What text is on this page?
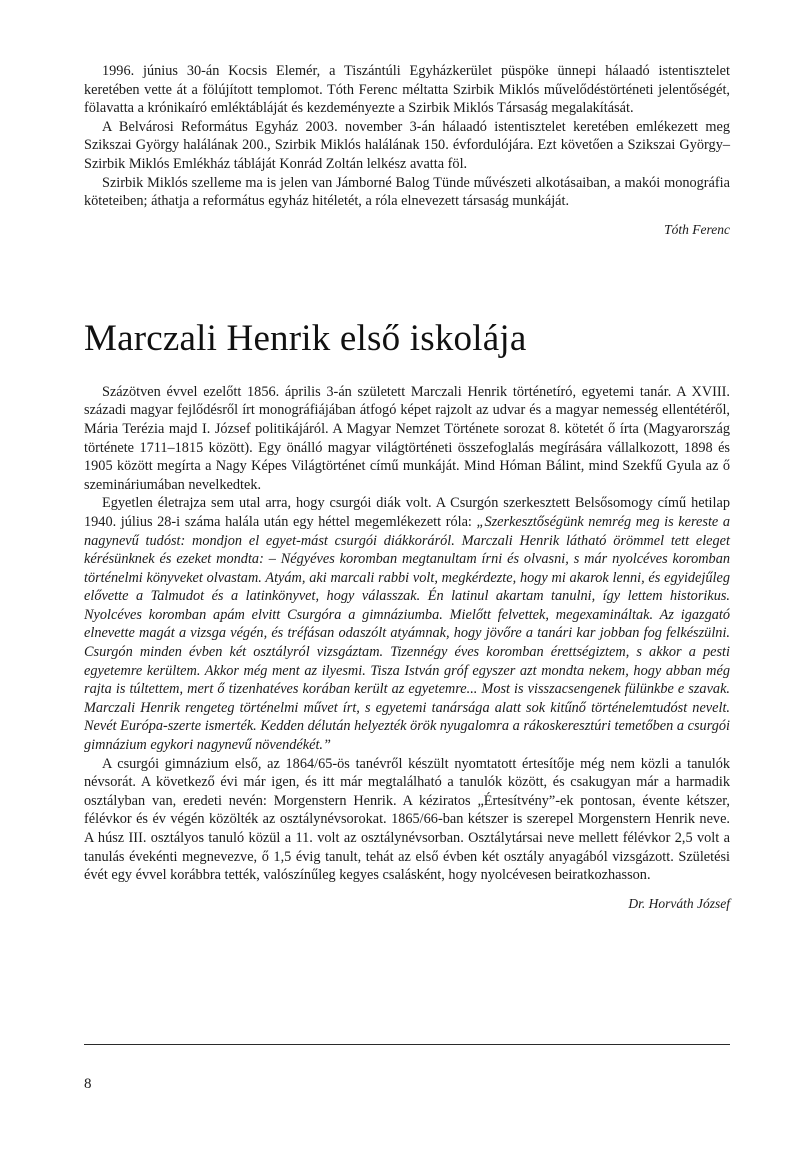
1996. június 30-án Kocsis Elemér, a Tiszántúli Egyházkerület püspöke ünnepi hálaadó istentisztelet keretében vette át a fölújított templomot. Tóth Ferenc méltatta Szirbik Miklós művelődéstörténeti jelentőségét, fölavatta a krónikaíró emléktábláját és kezdeményezte a Szirbik Miklós Társaság megalakítását.

A Belvárosi Református Egyház 2003. november 3-án hálaadó istentisztelet keretében emlékezett meg Szikszai György halálának 200., Szirbik Miklós halálának 150. évfordulójára. Ezt követően a Szikszai György–Szirbik Miklós Emlékház tábláját Konrád Zoltán lelkész avatta föl.

Szirbik Miklós szelleme ma is jelen van Jámborné Balog Tünde művészeti alkotásaiban, a makói monográfia köteteiben; áthatja a református egyház hitéletét, a róla elnevezett társaság munkáját.

Tóth Ferenc

Marczali Henrik első iskolája

Százötven évvel ezelőtt 1856. április 3-án született Marczali Henrik történetíró, egyetemi tanár. A XVIII. századi magyar fejlődésről írt monográfiájában átfogó képet rajzolt az udvar és a magyar nemesség ellentétéről, Mária Terézia majd I. József politikájáról. A Magyar Nemzet Története sorozat 8. kötetét ő írta (Magyarország története 1711–1815 között). Egy önálló magyar világtörténeti összefoglalás megírására vállalkozott, 1898 és 1905 között megírta a Nagy Képes Világtörténet című munkáját. Mind Hóman Bálint, mind Szekfű Gyula az ő szemináriumában nevelkedtek.

Egyetlen életrajza sem utal arra, hogy csurgói diák volt. A Csurgón szerkesztett Belsősomogy című hetilap 1940. július 28-i száma halála után egy héttel megemlékezett róla: „Szerkesztőségünk nemrég meg is kereste a nagynevű tudóst: mondjon el egyet-mást csurgói diákkoráról. Marczali Henrik látható örömmel tett eleget kérésünknek és ezeket mondta: – Négyéves koromban megtanultam írni és olvasni, s már nyolcéves koromban történelmi könyveket olvastam. Atyám, aki marcali rabbi volt, megkérdezte, hogy mi akarok lenni, és egyidejűleg elővette a Talmudot és a latinkönyvet, hogy válasszak. Én latinul akartam tanulni, így lettem historikus. Nyolcéves koromban apám elvitt Csurgóra a gimnáziumba. Mielőtt felvettek, megexamináltak. Az igazgató elnevette magát a vizsga végén, és tréfásan odaszólt atyámnak, hogy jövőre a tanári kar jobban fog felkészülni. Csurgón minden évben két osztályról vizsgáztam. Tizennégy éves koromban érettségiztem, s akkor a pesti egyetemre kerültem. Akkor még ment az ilyesmi. Tisza István gróf egyszer azt mondta nekem, hogy abban még rajta is túltettem, mert ő tizenhatéves korában került az egyetemre... Most is visszacsengenek fülünkbe e szavak. Marczali Henrik rengeteg történelmi művet írt, s egyetemi tanársága alatt sok kitűnő történelemtudóst nevelt. Nevét Európa-szerte ismerték. Kedden délután helyezték örök nyugalomra a rákoskeresztúri temetőben a csurgói gimnázium egykori nagynevű növendékét.”

A csurgói gimnázium első, az 1864/65-ös tanévről készült nyomtatott értesítője még nem közli a tanulók névsorát. A következő évi már igen, és itt már megtalálható a tanulók között, és csakugyan már a harmadik osztályban van, eredeti nevén: Morgenstern Henrik. A kéziratos „Értesítvény”-ek pontosan, évente kétszer, félévkor és év végén közölték az osztálynévsorokat. 1865/66-ban kétszer is szerepel Morgenstern Henrik neve. A húsz III. osztályos tanuló közül a 11. volt az osztálynévsorban. Osztálytársai neve mellett félévkor 2,5 volt a tanulás évekénti megnevezve, ő 1,5 évig tanult, tehát az első évben két osztály anyagából vizsgázott. Születési évét egy évvel korábbra tették, valószínűleg kegyes csalásként, hogy nyolcévesen beiratkozhasson.

Dr. Horváth József

8
